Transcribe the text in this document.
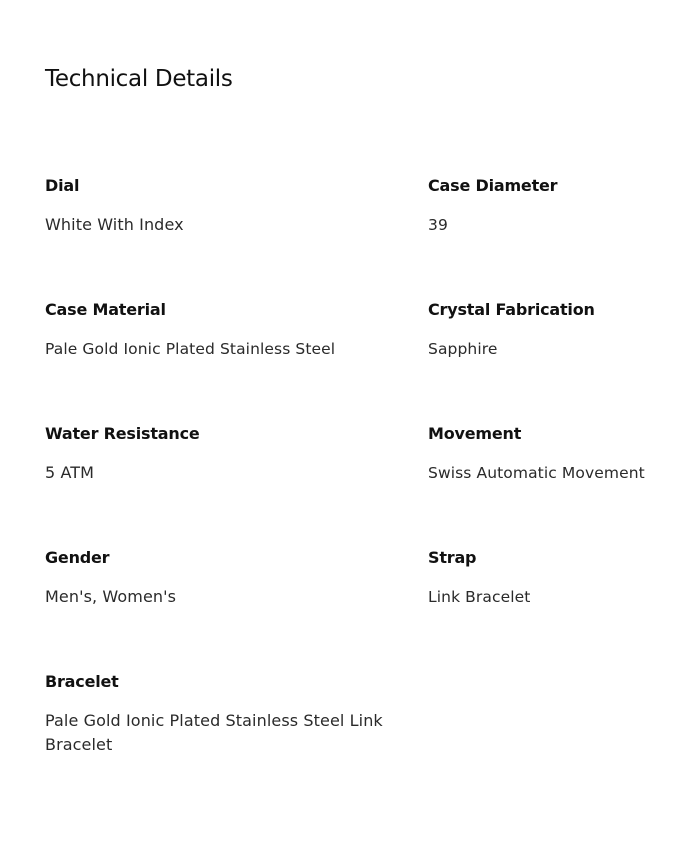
Technical Details
Dial
White With Index
Case Diameter
39
Case Material
Pale Gold Ionic Plated Stainless Steel
Crystal Fabrication
Sapphire
Water Resistance
5 ATM
Movement
Swiss Automatic Movement
Gender
Men's, Women's
Strap
Link Bracelet
Bracelet
Pale Gold Ionic Plated Stainless Steel Link Bracelet
